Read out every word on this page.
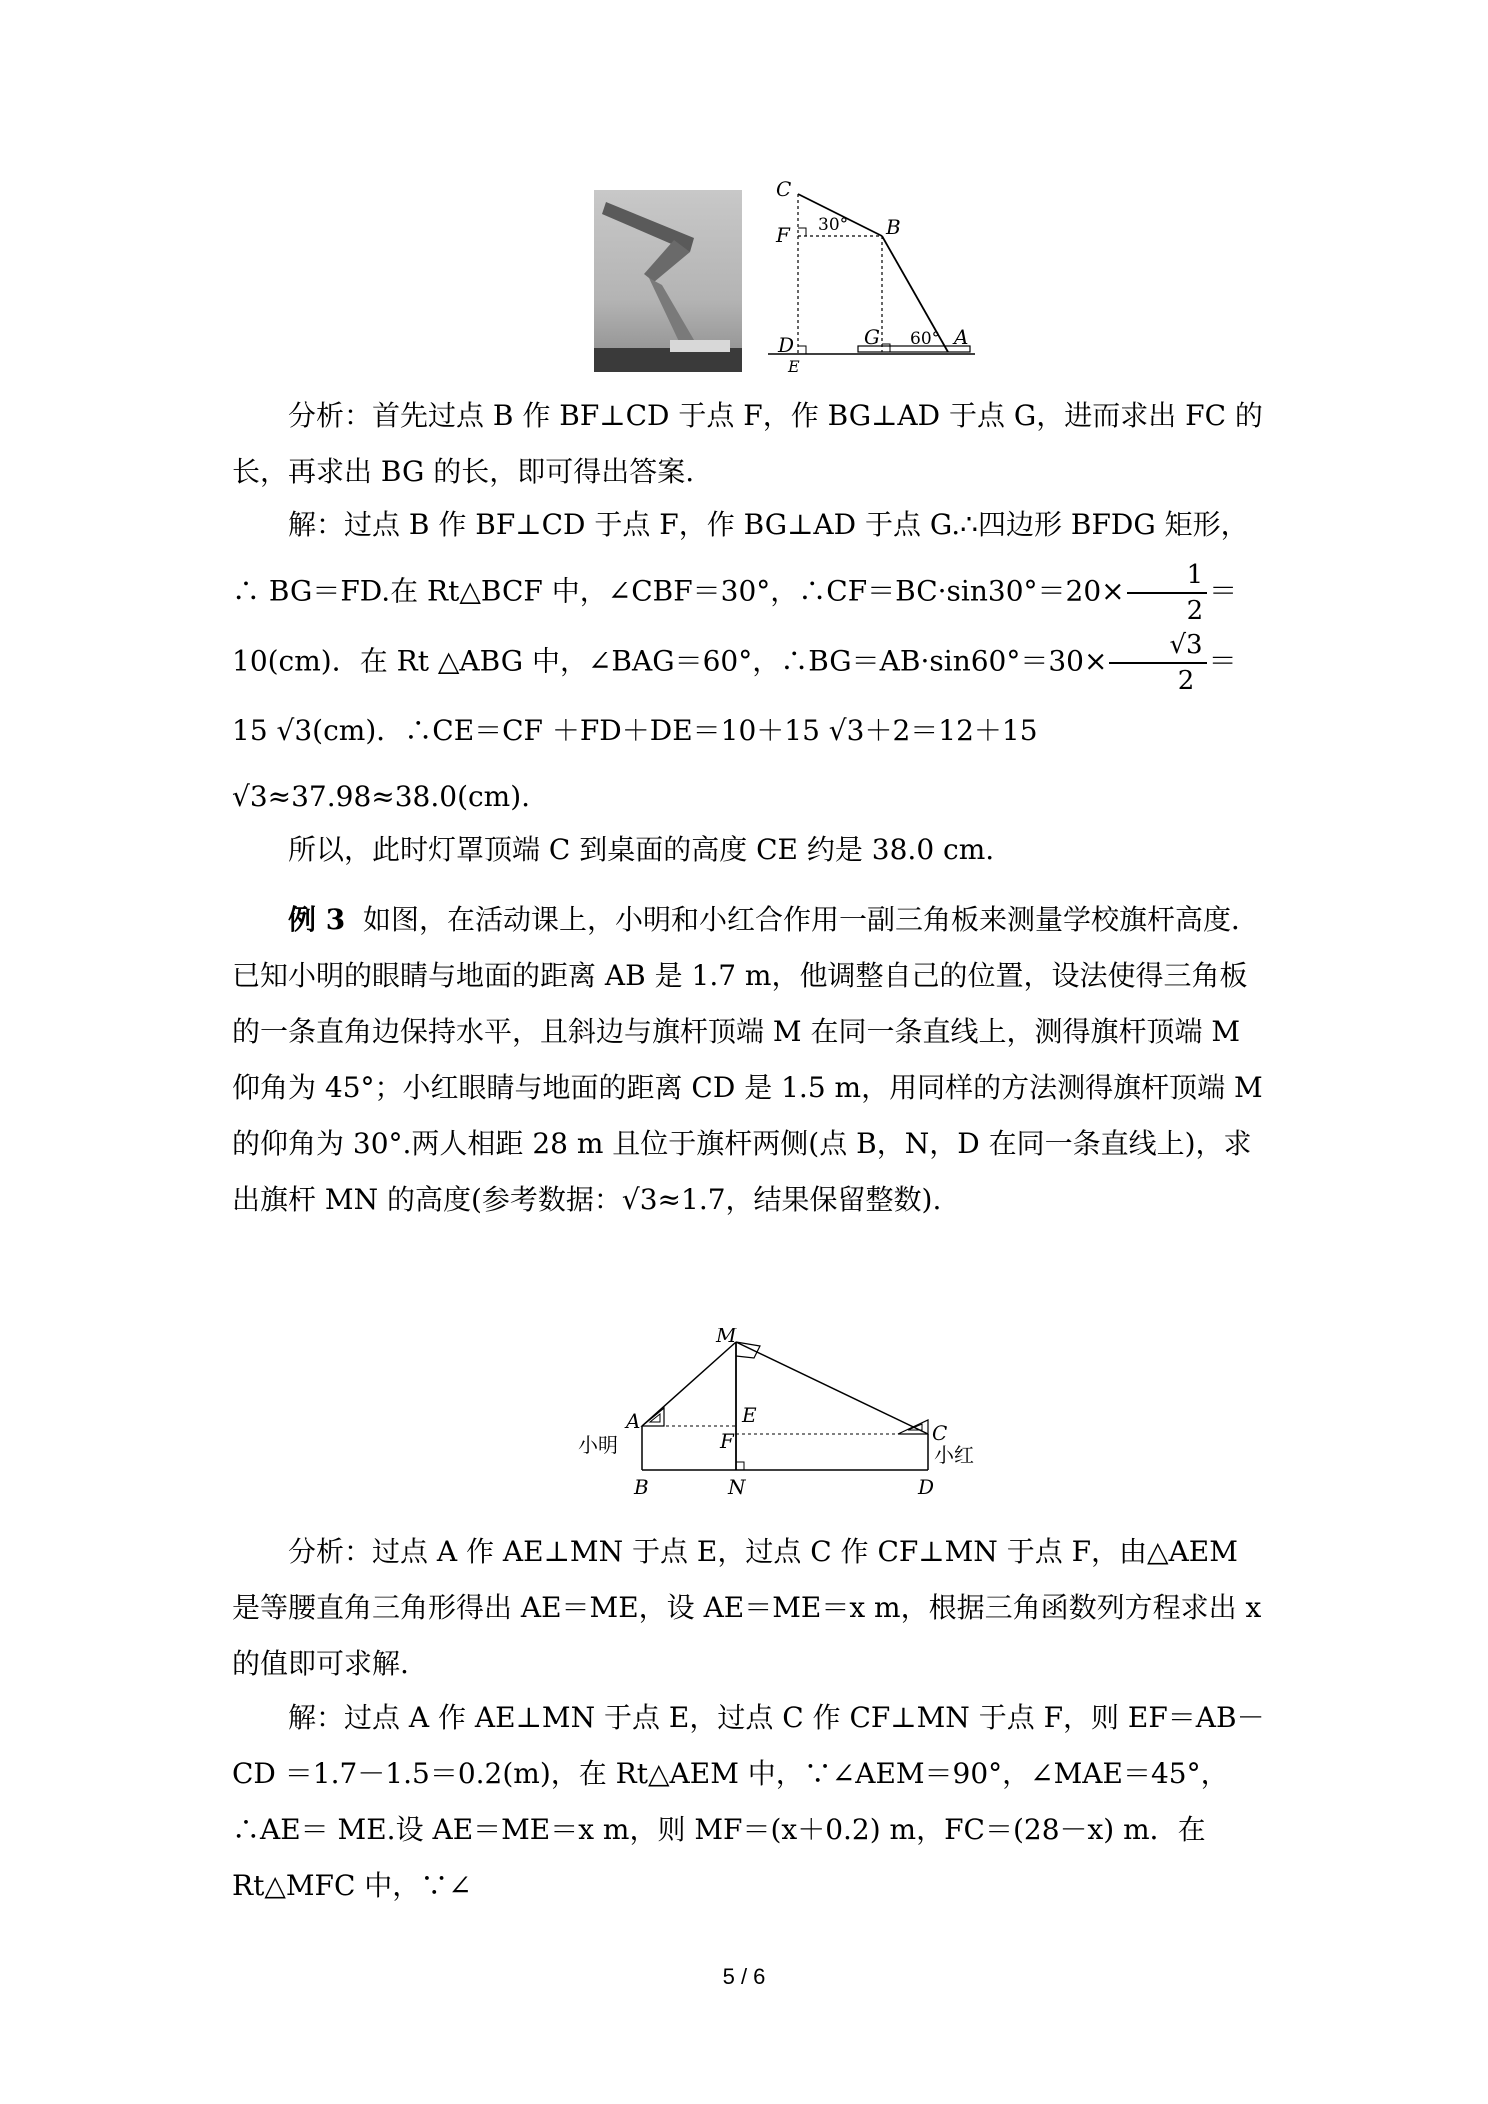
C
F	B
D
E
G	A
30°
60°

分析：首先过点 B 作 BF⊥CD 于点 F，作 BG⊥AD 于点 G，进而求出 FC 的长，再求出 BG 的长，即可得出答案.

解：过点 B 作 BF⊥CD 于点 F，作 BG⊥AD 于点 G.∴四边形 BFDG 矩形，∴ BG＝FD.在 Rt△BCF 中，∠CBF＝30°，∴CF＝BC·sin30°＝20× $\frac{1}{2} =10(cm)$．在 Rt △ABG 中，∠BAG＝60°，∴BG＝AB·sin60°＝30× $\frac{√3}{2} =15$ √3(cm)．∴CE＝CF ＋FD＋DE＝10＋15 √3＋2＝12＋15 √3≈37.98≈38.0(cm).

所以，此时灯罩顶端 C 到桌面的高度 CE 约是 38.0 cm.

例 3 如图，在活动课上，小明和小红合作用一副三角板来测量学校旗杆高度．已知小明的眼睛与地面的距离 AB 是 1.7 m，他调整自己的位置，设法使得三角板的一条直角边保持水平，且斜边与旗杆顶端 M 在同一条直线上，测得旗杆顶端 M 仰角为 45°；小红眼睛与地面的距离 CD 是 1.5 m，用同样的方法测得旗杆顶端 M 的仰角为 30°.两人相距 28 m 且位于旗杆两侧(点 B，N，D 在同一条直线上)，求出旗杆 MN 的高度(参考数据：√3≈1.7，结果保留整数).

M
A	E
C
F
B	N	D
小明	小红

分析：过点 A 作 AE⊥MN 于点 E，过点 C 作 CF⊥MN 于点 F，由△AEM 是等腰直角三角形得出 AE＝ME，设 AE＝ME＝x m，根据三角函数列方程求出 x 的值即可求解.

解：过点 A 作 AE⊥MN 于点 E，过点 C 作 CF⊥MN 于点 F，则 EF＝AB－CD ＝1.7－1.5＝0.2(m)，在 Rt△AEM 中，∵∠AEM＝90°，∠MAE＝45°，∴AE＝ ME.设 AE＝ME＝x m，则 MF＝(x＋0.2) m，FC＝(28－x) m．在 Rt△MFC 中，∵∠

5 / 6
